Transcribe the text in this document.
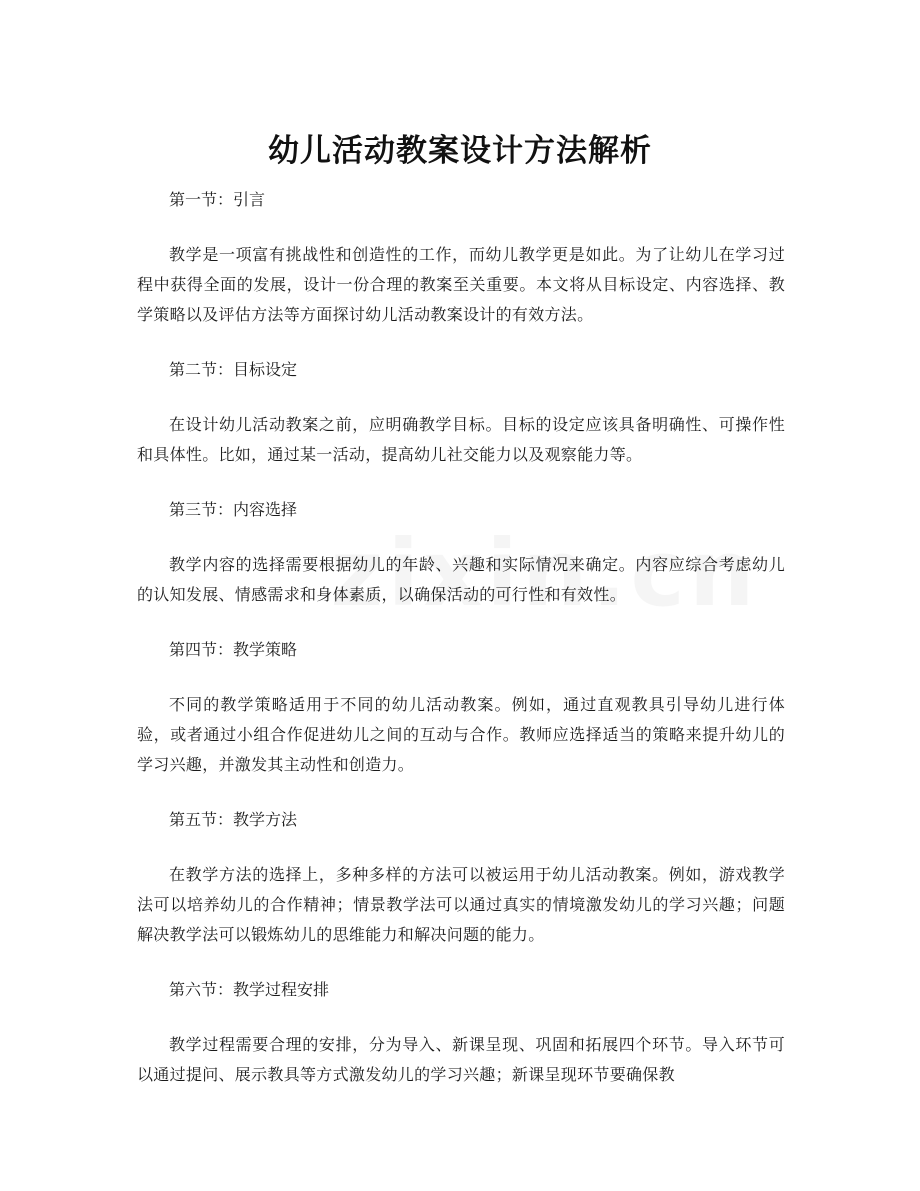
幼儿活动教案设计方法解析

第一节：引言

教学是一项富有挑战性和创造性的工作，而幼儿教学更是如此。为了让幼儿在学习过程中获得全面的发展，设计一份合理的教案至关重要。本文将从目标设定、内容选择、教学策略以及评估方法等方面探讨幼儿活动教案设计的有效方法。

第二节：目标设定

在设计幼儿活动教案之前，应明确教学目标。目标的设定应该具备明确性、可操作性和具体性。比如，通过某一活动，提高幼儿社交能力以及观察能力等。

第三节：内容选择

教学内容的选择需要根据幼儿的年龄、兴趣和实际情况来确定。内容应综合考虑幼儿的认知发展、情感需求和身体素质，以确保活动的可行性和有效性。

第四节：教学策略

不同的教学策略适用于不同的幼儿活动教案。例如，通过直观教具引导幼儿进行体验，或者通过小组合作促进幼儿之间的互动与合作。教师应选择适当的策略来提升幼儿的学习兴趣，并激发其主动性和创造力。

第五节：教学方法

在教学方法的选择上，多种多样的方法可以被运用于幼儿活动教案。例如，游戏教学法可以培养幼儿的合作精神；情景教学法可以通过真实的情境激发幼儿的学习兴趣；问题解决教学法可以锻炼幼儿的思维能力和解决问题的能力。

第六节：教学过程安排

教学过程需要合理的安排，分为导入、新课呈现、巩固和拓展四个环节。导入环节可以通过提问、展示教具等方式激发幼儿的学习兴趣；新课呈现环节要确保教
